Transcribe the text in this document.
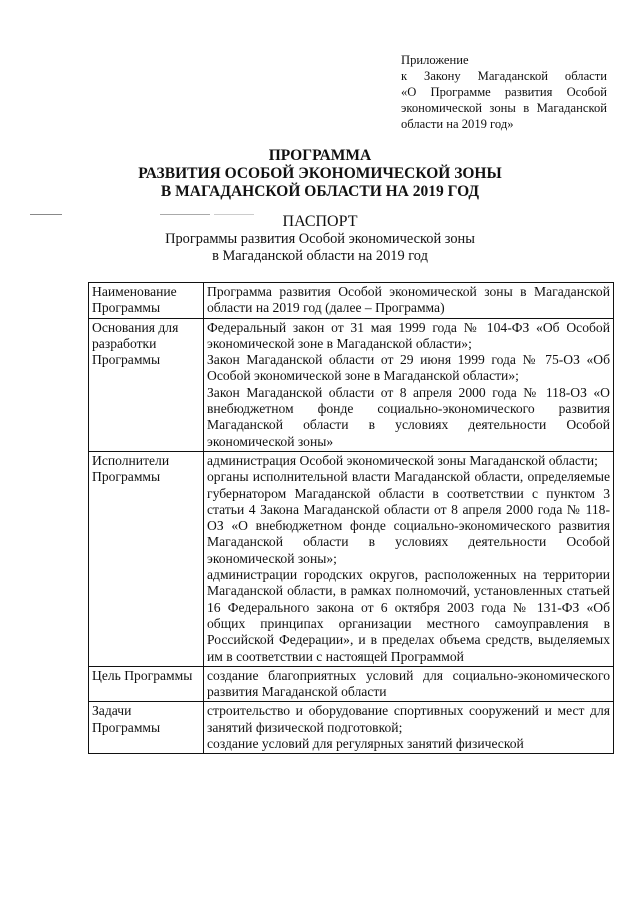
Приложение
к Закону Магаданской области
«О Программе развития Особой
экономической зоны в Магаданской
области на 2019 год»
ПРОГРАММА
РАЗВИТИЯ ОСОБОЙ ЭКОНОМИЧЕСКОЙ ЗОНЫ
В МАГАДАНСКОЙ ОБЛАСТИ НА 2019 ГОД
ПАСПОРТ
Программы развития Особой экономической зоны
в Магаданской области на 2019 год
Наименование Программы	Программа развития Особой экономической зоны в Магаданской области на 2019 год (далее – Программа)

Основания для разработки Программы	Федеральный закон от 31 мая 1999 года № 104-ФЗ «Об Особой экономической зоне в Магаданской области»;
Закон Магаданской области от 29 июня 1999 года № 75-ОЗ «Об Особой экономической зоне в Магаданской области»;
Закон Магаданской области от 8 апреля 2000 года № 118-ОЗ «О внебюджетном фонде социально-экономического развития Магаданской области в условиях деятельности Особой экономической зоны»

Исполнители Программы	администрация Особой экономической зоны Магаданской области;
органы исполнительной власти Магаданской области, определяемые губернатором Магаданской области в соответствии с пунктом 3 статьи 4 Закона Магаданской области от 8 апреля 2000 года № 118-ОЗ «О внебюджетном фонде социально-экономического развития Магаданской области в условиях деятельности Особой экономической зоны»;
администрации городских округов, расположенных на территории Магаданской области, в рамках полномочий, установленных статьей 16 Федерального закона от 6 октября 2003 года № 131-ФЗ «Об общих принципах организации местного самоуправления в Российской Федерации», и в пределах объема средств, выделяемых им в соответствии с настоящей Программой

Цель Программы	создание благоприятных условий для социально-экономического развития Магаданской области

Задачи Программы	строительство и оборудование спортивных сооружений и мест для занятий физической подготовкой;
создание условий для регулярных занятий физической
